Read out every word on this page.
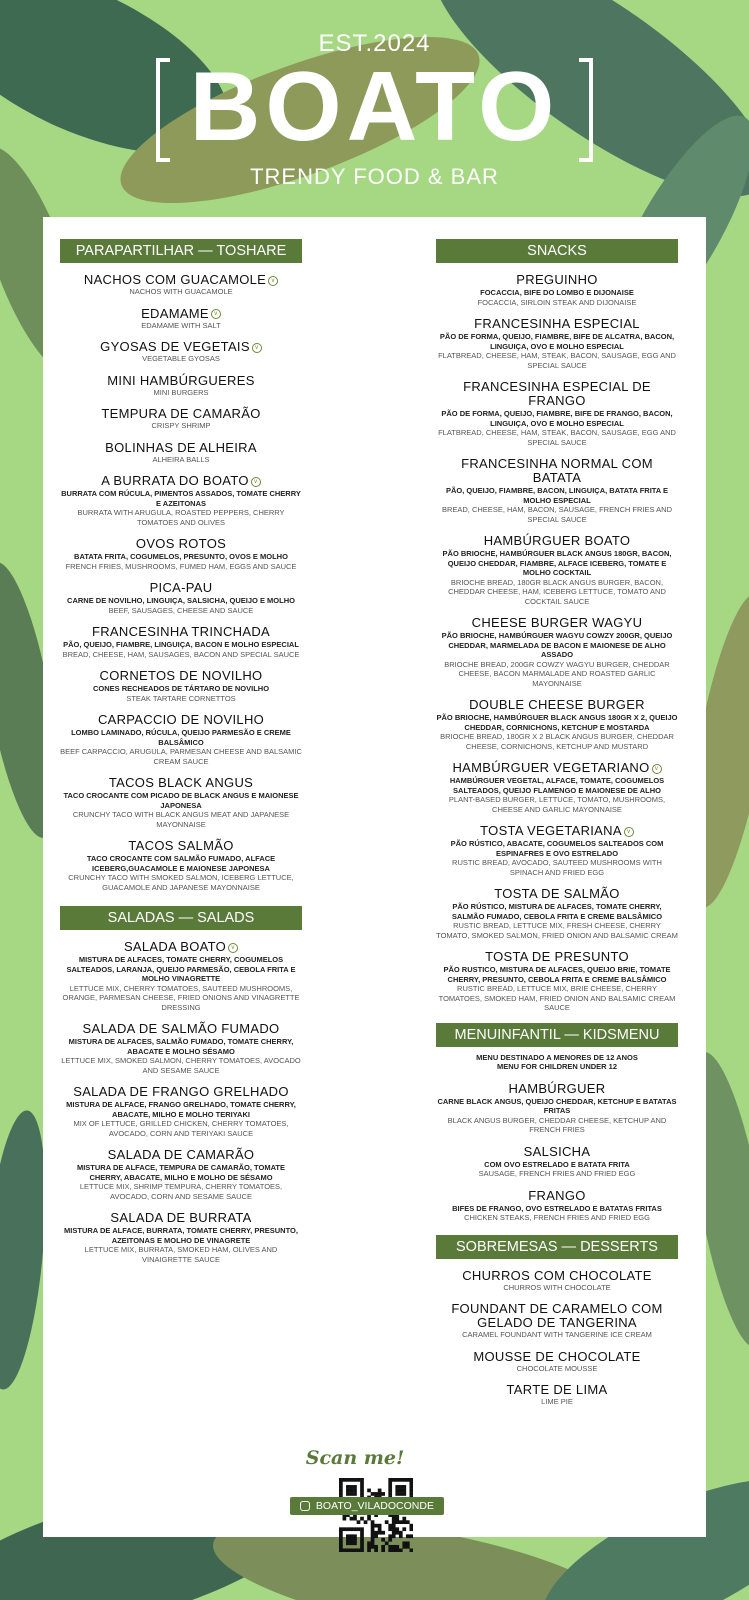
EST.2024
BOATO
TRENDY FOOD & BAR
PARAPARTILHAR — TOSHARE
NACHOS COM GUACAMOLE v
NACHOS WITH GUACAMOLE
EDAMAME v
EDAMAME WITH SALT
GYOSAS DE VEGETAIS v
VEGETABLE GYOSAS
MINI HAMBÚRGUERES
MINI BURGERS
TEMPURA DE CAMARÃO
CRISPY SHRIMP
BOLINHAS DE ALHEIRA
ALHEIRA BALLS
A BURRATA DO BOATO v
BURRATA COM RÚCULA, PIMENTOS ASSADOS, TOMATE CHERRY E AZEITONAS
BURRATA WITH ARUGULA, ROASTED PEPPERS, CHERRY TOMATOES AND OLIVES
OVOS ROTOS
BATATA FRITA, COGUMELOS, PRESUNTO, OVOS E MOLHO
FRENCH FRIES, MUSHROOMS, FUMED HAM, EGGS AND SAUCE
PICA-PAU
CARNE DE NOVILHO, LINGUIÇA, SALSICHA, QUEIJO E MOLHO
BEEF, SAUSAGES, CHEESE AND SAUCE
FRANCESINHA TRINCHADA
PÃO, QUEIJO, FIAMBRE, LINGUIÇA, BACON E MOLHO ESPECIAL
BREAD, CHEESE, HAM, SAUSAGES, BACON AND SPECIAL SAUCE
CORNETOS DE NOVILHO
CONES RECHEADOS DE TÁRTARO DE NOVILHO
STEAK TARTARE CORNETTOS
CARPACCIO DE NOVILHO
LOMBO LAMINADO, RÚCULA, QUEIJO PARMESÃO E CREME BALSÂMICO
BEEF CARPACCIO, ARUGULA, PARMESAN CHEESE AND BALSAMIC CREAM SAUCE
TACOS BLACK ANGUS
TACO CROCANTE COM PICADO DE BLACK ANGUS E MAIONESE JAPONESA
CRUNCHY TACO WITH BLACK ANGUS MEAT AND JAPANESE MAYONNAISE
TACOS SALMÃO
TACO CROCANTE COM SALMÃO FUMADO, ALFACE ICEBERG,GUACAMOLE E MAIONESE JAPONESA
CRUNCHY TACO WITH SMOKED SALMON, ICEBERG LETTUCE, GUACAMOLE AND JAPANESE MAYONNAISE
SALADAS — SALADS
SALADA BOATO v
MISTURA DE ALFACES, TOMATE CHERRY, COGUMELOS SALTEADOS, LARANJA, QUEIJO PARMESÃO, CEBOLA FRITA E MOLHO VINAGRETTE
LETTUCE MIX, CHERRY TOMATOES, SAUTEED MUSHROOMS, ORANGE, PARMESAN CHEESE, FRIED ONIONS AND VINAGRETTE DRESSING
SALADA DE SALMÃO FUMADO
MISTURA DE ALFACES, SALMÃO FUMADO, TOMATE CHERRY, ABACATE E MOLHO SÉSAMO
LETTUCE MIX, SMOKED SALMON, CHERRY TOMATOES, AVOCADO AND SESAME SAUCE
SALADA DE FRANGO GRELHADO
MISTURA DE ALFACE, FRANGO GRELHADO, TOMATE CHERRY, ABACATE, MILHO E MOLHO TERIYAKI
MIX OF LETTUCE, GRILLED CHICKEN, CHERRY TOMATOES, AVOCADO, CORN AND TERIYAKI SAUCE
SALADA DE CAMARÃO
MISTURA DE ALFACE, TEMPURA DE CAMARÃO, TOMATE CHERRY, ABACATE, MILHO E MOLHO DE SÉSAMO
LETTUCE MIX, SHRIMP TEMPURA, CHERRY TOMATOES, AVOCADO, CORN AND SESAME SAUCE
SALADA DE BURRATA
MISTURA DE ALFACE, BURRATA, TOMATE CHERRY, PRESUNTO, AZEITONAS E MOLHO DE VINAGRETE
LETTUCE MIX, BURRATA, SMOKED HAM, OLIVES AND VINAIGRETTE SAUCE
SNACKS
PREGUINHO
FOCACCIA, BIFE DO LOMBO E DIJONAISE
FOCACCIA, SIRLOIN STEAK AND DIJONAISE
FRANCESINHA ESPECIAL
PÃO DE FORMA, QUEIJO, FIAMBRE, BIFE DE ALCATRA, BACON, LINGUIÇA, OVO E MOLHO ESPECIAL
FLATBREAD, CHEESE, HAM, STEAK, BACON, SAUSAGE, EGG AND SPECIAL SAUCE
FRANCESINHA ESPECIAL DE FRANGO
PÃO DE FORMA, QUEIJO, FIAMBRE, BIFE DE FRANGO, BACON, LINGUIÇA, OVO E MOLHO ESPECIAL
FLATBREAD, CHEESE, HAM, STEAK, BACON, SAUSAGE, EGG AND SPECIAL SAUCE
FRANCESINHA NORMAL COM BATATA
PÃO, QUEIJO, FIAMBRE, BACON, LINGUIÇA, BATATA FRITA E MOLHO ESPECIAL
BREAD, CHEESE, HAM, BACON, SAUSAGE, FRENCH FRIES AND SPECIAL SAUCE
HAMBÚRGUER BOATO
PÃO BRIOCHE, HAMBÚRGUER BLACK ANGUS 180GR, BACON, QUEIJO CHEDDAR, FIAMBRE, ALFACE ICEBERG, TOMATE E MOLHO COCKTAIL
BRIOCHE BREAD, 180GR BLACK ANGUS BURGER, BACON, CHEDDAR CHEESE, HAM, ICEBERG LETTUCE, TOMATO AND COCKTAIL SAUCE
CHEESE BURGER WAGYU
PÃO BRIOCHE, HAMBÚRGUER WAGYU COWZY 200GR, QUEIJO CHEDDAR, MARMELADA DE BACON E MAIONESE DE ALHO ASSADO
BRIOCHE BREAD, 200GR COWZY WAGYU BURGER, CHEDDAR CHEESE, BACON MARMALADE AND ROASTED GARLIC MAYONNAISE
DOUBLE CHEESE BURGER
PÃO BRIOCHE, HAMBÚRGUER BLACK ANGUS 180GR X 2, QUEIJO CHEDDAR, CORNICHONS, KETCHUP E MOSTARDA
BRIOCHE BREAD, 180GR X 2 BLACK ANGUS BURGER, CHEDDAR CHEESE, CORNICHONS, KETCHUP AND MUSTARD
HAMBÚRGUER VEGETARIANO v
HAMBÚRGUER VEGETAL, ALFACE, TOMATE, COGUMELOS SALTEADOS, QUEIJO FLAMENGO E MAIONESE DE ALHO
PLANT-BASED BURGER, LETTUCE, TOMATO, MUSHROOMS, CHEESE AND GARLIC MAYONNAISE
TOSTA VEGETARIANA v
PÃO RÚSTICO, ABACATE, COGUMELOS SALTEADOS COM ESPINAFRES E OVO ESTRELADO
RUSTIC BREAD, AVOCADO, SAUTEED MUSHROOMS WITH SPINACH AND FRIED EGG
TOSTA DE SALMÃO
PÃO RÚSTICO, MISTURA DE ALFACES, TOMATE CHERRY, SALMÃO FUMADO, CEBOLA FRITA E CREME BALSÂMICO
RUSTIC BREAD, LETTUCE MIX, FRESH CHEESE, CHERRY TOMATO, SMOKED SALMON, FRIED ONION AND BALSAMIC CREAM
TOSTA DE PRESUNTO
PÃO RUSTICO, MISTURA DE ALFACES, QUEIJO BRIE, TOMATE CHERRY, PRESUNTO, CEBOLA FRITA E CREME BALSÂMICO
RUSTIC BREAD, LETTUCE MIX, BRIE CHEESE, CHERRY TOMATOES, SMOKED HAM, FRIED ONION AND BALSAMIC CREAM SAUCE
MENUINFANTIL — KIDSMENU
MENU DESTINADO A MENORES DE 12 ANOS
MENU FOR CHILDREN UNDER 12
HAMBÚRGUER
CARNE BLACK ANGUS, QUEIJO CHEDDAR, KETCHUP E BATATAS FRITAS
BLACK ANGUS BURGER, CHEDDAR CHEESE, KETCHUP AND FRENCH FRIES
SALSICHA
COM OVO ESTRELADO E BATATA FRITA
SAUSAGE, FRENCH FRIES AND FRIED EGG
FRANGO
BIFES DE FRANGO, OVO ESTRELADO E BATATAS FRITAS
CHICKEN STEAKS, FRENCH FRIES AND FRIED EGG
SOBREMESAS — DESSERTS
CHURROS COM CHOCOLATE
CHURROS WITH CHOCOLATE
FOUNDANT DE CARAMELO COM GELADO DE TANGERINA
CARAMEL FOUNDANT WITH TANGERINE ICE CREAM
MOUSSE DE CHOCOLATE
CHOCOLATE MOUSSE
TARTE DE LIMA
LIME PIE
Scan me!
BOATO_VILADOCONDE
